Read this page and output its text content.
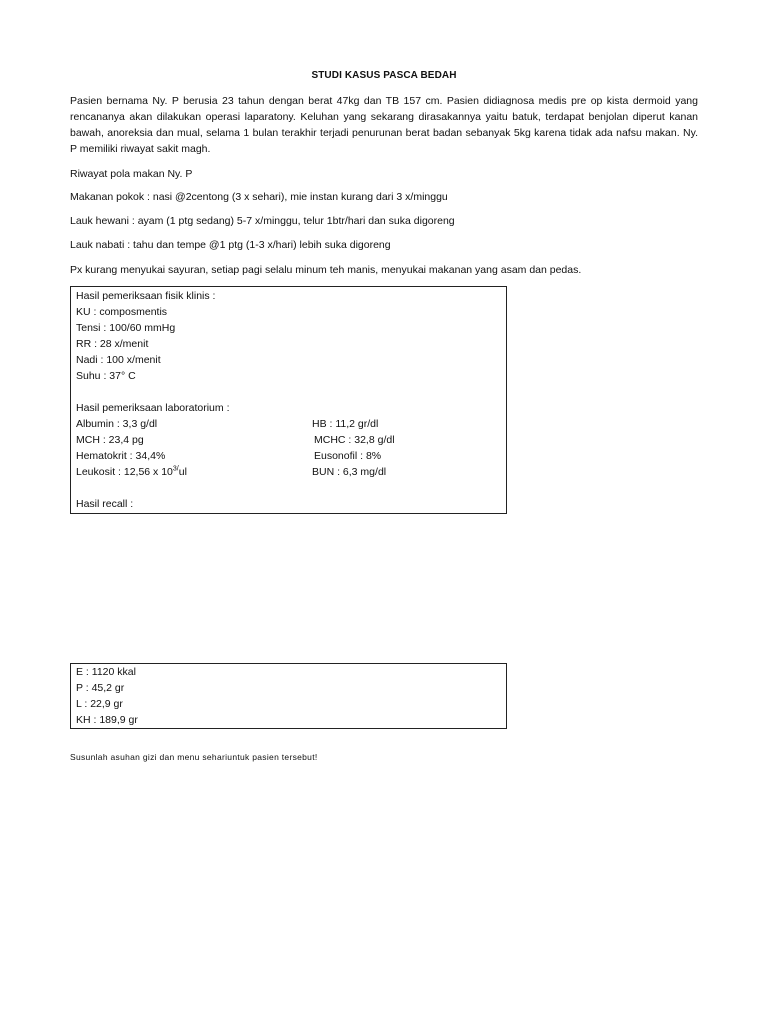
STUDI KASUS PASCA BEDAH
Pasien bernama Ny. P berusia 23 tahun dengan berat 47kg dan TB 157 cm. Pasien didiagnosa medis pre op kista dermoid yang rencananya akan dilakukan operasi laparatony. Keluhan yang sekarang dirasakannya yaitu batuk, terdapat benjolan diperut kanan bawah, anoreksia dan mual, selama 1 bulan terakhir terjadi penurunan berat badan sebanyak 5kg karena tidak ada nafsu makan. Ny. P memiliki riwayat sakit magh.
Riwayat pola makan Ny. P
Makanan pokok : nasi @2centong (3 x sehari), mie instan kurang dari 3 x/minggu
Lauk hewani : ayam (1 ptg sedang) 5-7 x/minggu, telur 1btr/hari dan suka digoreng
Lauk nabati : tahu dan tempe @1 ptg (1-3 x/hari) lebih suka digoreng
Px kurang menyukai sayuran, setiap pagi selalu minum teh manis, menyukai makanan yang asam dan pedas.
Hasil pemeriksaan fisik klinis :
KU : composmentis
Tensi : 100/60 mmHg
RR : 28 x/menit
Nadi : 100 x/menit
Suhu : 37° C
Hasil pemeriksaan laboratorium :
Albumin : 3,3 g/dl	HB : 11,2 gr/dl
MCH : 23,4 pg	MCHC : 32,8 g/dl
Hematokrit : 34,4%	Eusonofil : 8%
Leukosit : 12,56 x $10^{3/}ul$	BUN : 6,3 mg/dl
Hasil recall :
E : 1120 kkal
P : 45,2 gr
L : 22,9 gr
KH : 189,9 gr
Susunlah asuhan gizi dan menu sehariuntuk pasien tersebut!
